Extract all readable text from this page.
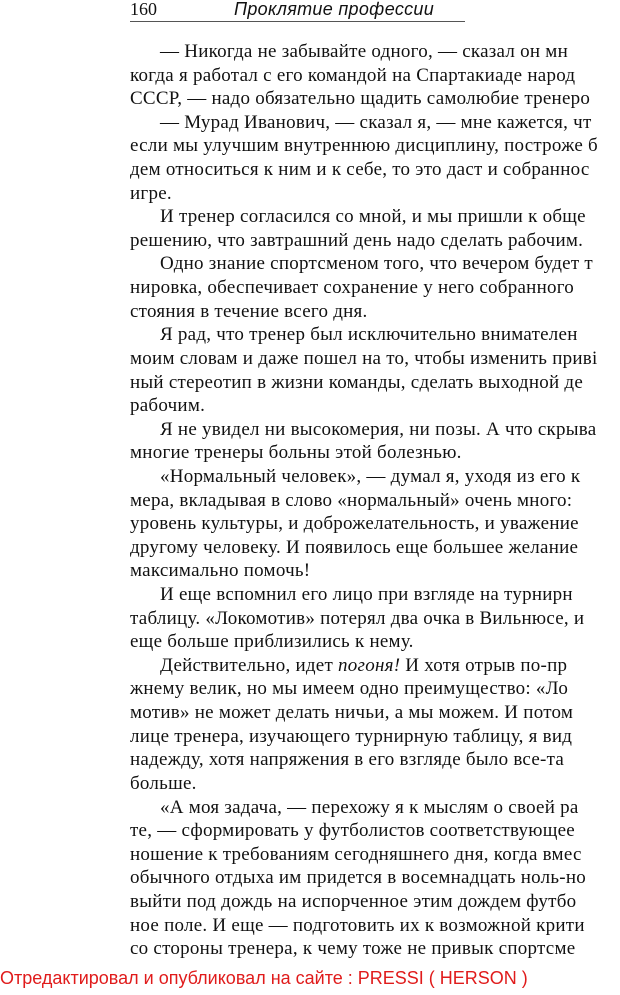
160	Проклятие профессии
— Никогда не забывайте одного, — сказал он мн
когда я работал с его командой на Спартакиаде народ
СССР, — надо обязательно щадить самолюбие тренеро
— Мурад Иванович, — сказал я, — мне кажется, чт
если мы улучшим внутреннюю дисциплину, построже б
дем относиться к ним и к себе, то это даст и собраннос
игре.
И тренер согласился со мной, и мы пришли к обще
решению, что завтрашний день надо сделать рабочим.
Одно знание спортсменом того, что вечером будет т
нировка, обеспечивает сохранение у него собранного
стояния в течение всего дня.
Я рад, что тренер был исключительно внимателен
моим словам и даже пошел на то, чтобы изменить приві
ный стереотип в жизни команды, сделать выходной де
рабочим.
Я не увидел ни высокомерия, ни позы. А что скрыва
многие тренеры больны этой болезнью.
«Нормальный человек», — думал я, уходя из его к
мера, вкладывая в слово «нормальный» очень много:
уровень культуры, и доброжелательность, и уважение
другому человеку. И появилось еще большее желание
максимально помочь!
И еще вспомнил его лицо при взгляде на турнирн
таблицу. «Локомотив» потерял два очка в Вильнюсе, и
еще больше приблизились к нему.
Действительно, идет погоня! И хотя отрыв по-пр
жнему велик, но мы имеем одно преимущество: «Ло
мотив» не может делать ничьи, а мы можем. И потом
лице тренера, изучающего турнирную таблицу, я вид
надежду, хотя напряжения в его взгляде было все-та
больше.
«А моя задача, — перехожу я к мыслям о своей ра
те, — сформировать у футболистов соответствующее
ношение к требованиям сегодняшнего дня, когда вмес
обычного отдыха им придется в восемнадцать ноль-но
выйти под дождь на испорченное этим дождем футбо
ное поле. И еще — подготовить их к возможной крити
со стороны тренера, к чему тоже не привык спортсме
Отредактировал и опубликовал на сайте : PRESSI ( HERSON )
